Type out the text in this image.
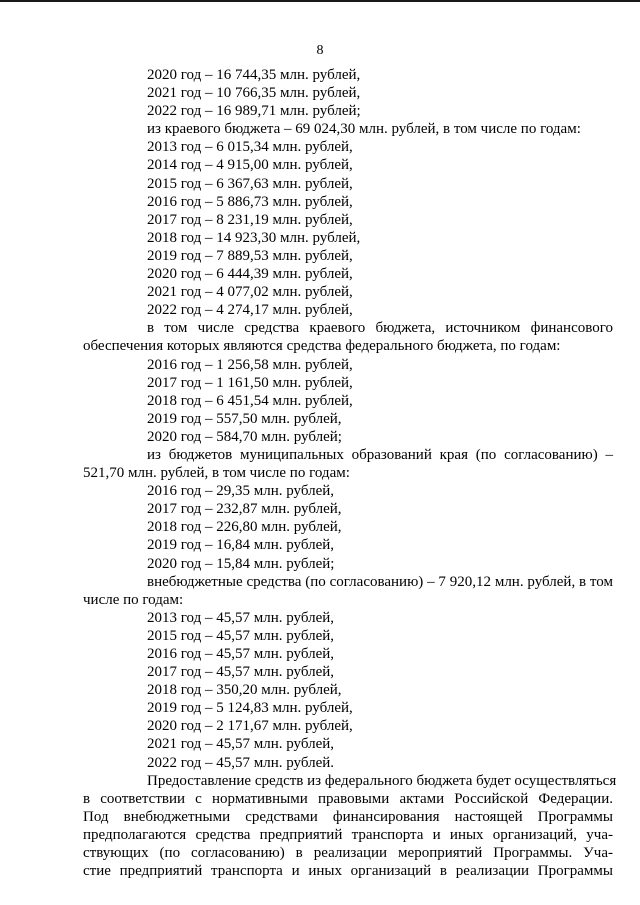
8
2020 год – 16 744,35 млн. рублей,
2021 год – 10 766,35 млн. рублей,
2022 год – 16 989,71 млн. рублей;
из краевого бюджета – 69 024,30 млн. рублей, в том числе по годам:
2013 год – 6 015,34 млн. рублей,
2014 год – 4 915,00 млн. рублей,
2015 год – 6 367,63 млн. рублей,
2016 год – 5 886,73 млн. рублей,
2017 год – 8 231,19 млн. рублей,
2018 год – 14 923,30 млн. рублей,
2019 год – 7 889,53 млн. рублей,
2020 год – 6 444,39 млн. рублей,
2021 год – 4 077,02 млн. рублей,
2022 год – 4 274,17 млн. рублей,
в том числе средства краевого бюджета, источником финансового
обеспечения которых являются средства федерального бюджета, по годам:
2016 год – 1 256,58 млн. рублей,
2017 год – 1 161,50 млн. рублей,
2018 год – 6 451,54 млн. рублей,
2019 год – 557,50 млн. рублей,
2020 год – 584,70 млн. рублей;
из бюджетов муниципальных образований края (по согласованию) –
521,70 млн. рублей, в том числе по годам:
2016 год – 29,35 млн. рублей,
2017 год – 232,87 млн. рублей,
2018 год – 226,80 млн. рублей,
2019 год – 16,84 млн. рублей,
2020 год – 15,84 млн. рублей;
внебюджетные средства (по согласованию) – 7 920,12 млн. рублей, в том
числе по годам:
2013 год – 45,57 млн. рублей,
2015 год – 45,57 млн. рублей,
2016 год – 45,57 млн. рублей,
2017 год – 45,57 млн. рублей,
2018 год – 350,20 млн. рублей,
2019 год – 5 124,83 млн. рублей,
2020 год – 2 171,67 млн. рублей,
2021 год – 45,57 млн. рублей,
2022 год – 45,57 млн. рублей.
Предоставление средств из федерального бюджета будет осуществляться
в соответствии с нормативными правовыми актами Российской Федерации.
Под внебюджетными средствами финансирования настоящей Программы
предполагаются средства предприятий транспорта и иных организаций, уча-
ствующих (по согласованию) в реализации мероприятий Программы. Уча-
стие предприятий транспорта и иных организаций в реализации Программы
